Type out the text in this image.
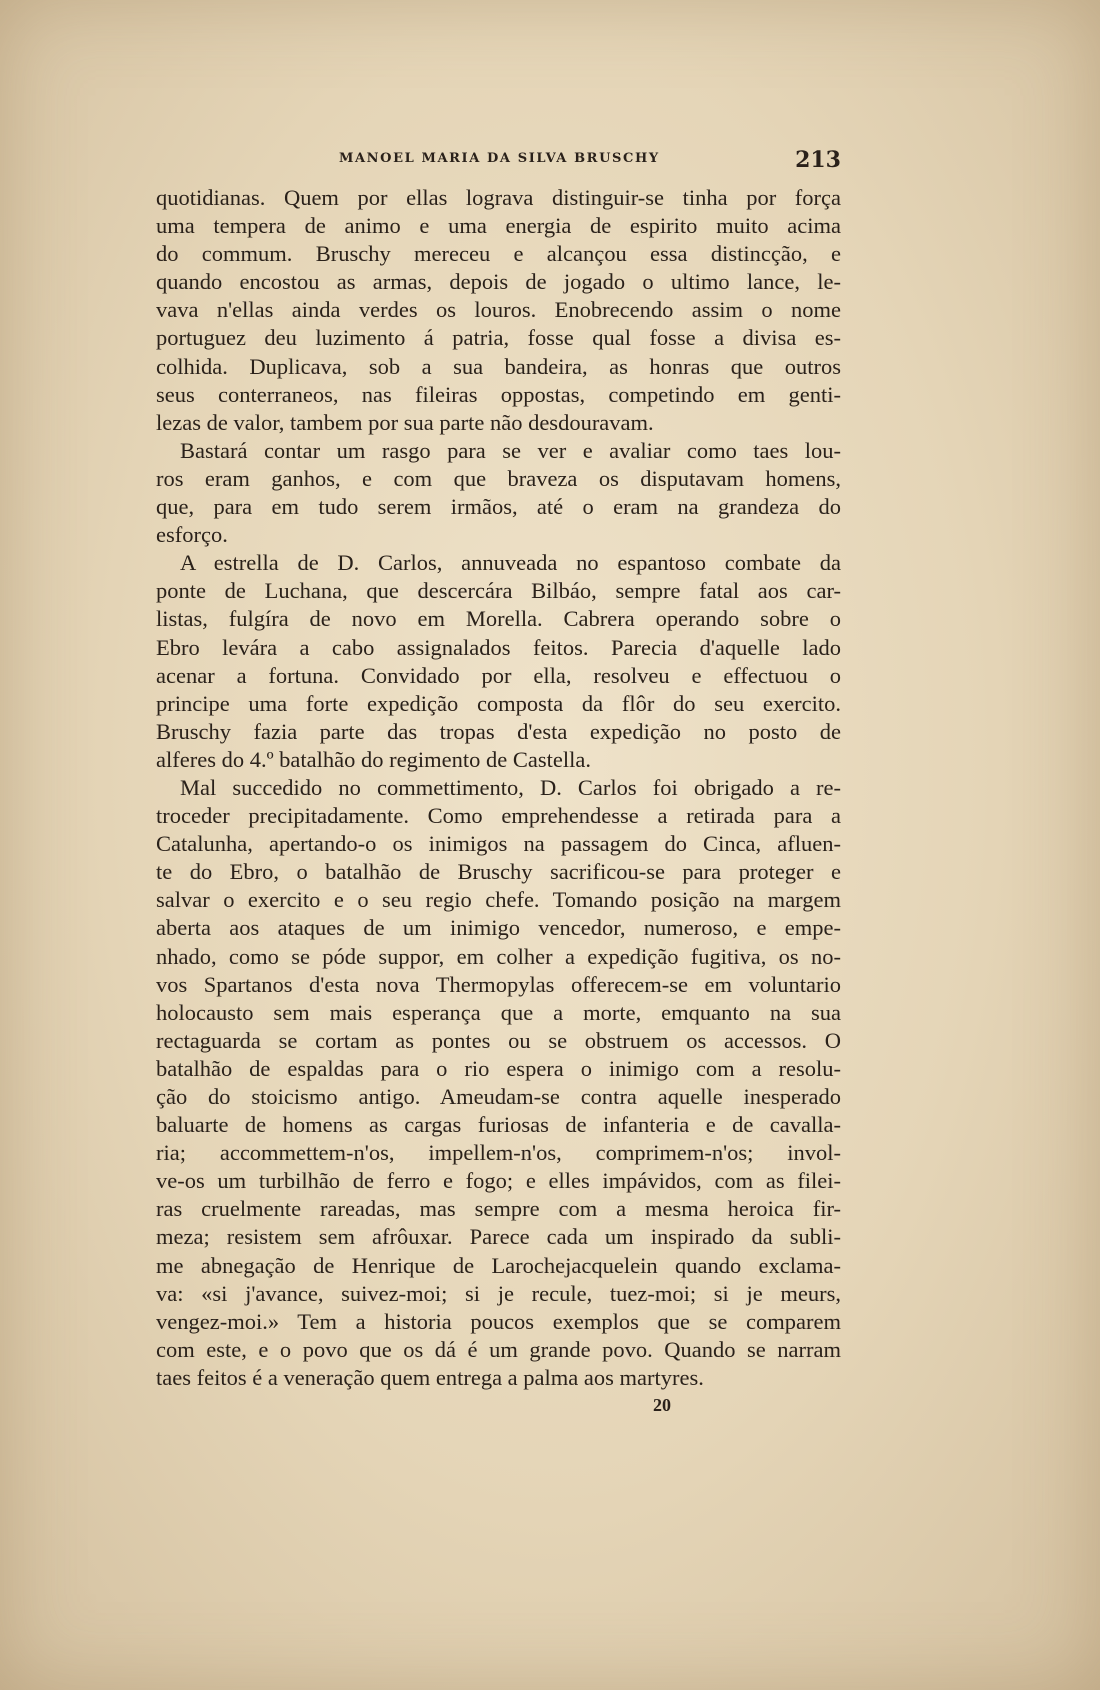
MANOEL MARIA DA SILVA BRUSCHY	213
quotidianas. Quem por ellas lograva distinguir-se tinha por força
uma tempera de animo e uma energia de espirito muito acima
do commum. Bruschy mereceu e alcançou essa distincção, e
quando encostou as armas, depois de jogado o ultimo lance, le-
vava n'ellas ainda verdes os louros. Enobrecendo assim o nome
portuguez deu luzimento á patria, fosse qual fosse a divisa es-
colhida. Duplicava, sob a sua bandeira, as honras que outros
seus conterraneos, nas fileiras oppostas, competindo em genti-
lezas de valor, tambem por sua parte não desdouravam.
Bastará contar um rasgo para se ver e avaliar como taes lou-
ros eram ganhos, e com que braveza os disputavam homens,
que, para em tudo serem irmãos, até o eram na grandeza do
esforço.
A estrella de D. Carlos, annuveada no espantoso combate da
ponte de Luchana, que descercára Bilbáo, sempre fatal aos car-
listas, fulgíra de novo em Morella. Cabrera operando sobre o
Ebro levára a cabo assignalados feitos. Parecia d'aquelle lado
acenar a fortuna. Convidado por ella, resolveu e effectuou o
principe uma forte expedição composta da flôr do seu exercito.
Bruschy fazia parte das tropas d'esta expedição no posto de
alferes do 4.º batalhão do regimento de Castella.
Mal succedido no commettimento, D. Carlos foi obrigado a re-
troceder precipitadamente. Como emprehendesse a retirada para a
Catalunha, apertando-o os inimigos na passagem do Cinca, afluen-
te do Ebro, o batalhão de Bruschy sacrificou-se para proteger e
salvar o exercito e o seu regio chefe. Tomando posição na margem
aberta aos ataques de um inimigo vencedor, numeroso, e empe-
nhado, como se póde suppor, em colher a expedição fugitiva, os no-
vos Spartanos d'esta nova Thermopylas offerecem-se em voluntario
holocausto sem mais esperança que a morte, emquanto na sua
rectaguarda se cortam as pontes ou se obstruem os accessos. O
batalhão de espaldas para o rio espera o inimigo com a resolu-
ção do stoicismo antigo. Ameudam-se contra aquelle inesperado
baluarte de homens as cargas furiosas de infanteria e de cavalla-
ria; accommettem-n'os, impellem-n'os, comprimem-n'os; invol-
ve-os um turbilhão de ferro e fogo; e elles impávidos, com as filei-
ras cruelmente rareadas, mas sempre com a mesma heroica fir-
meza; resistem sem afrôuxar. Parece cada um inspirado da subli-
me abnegação de Henrique de Larochejacquelein quando exclama-
va: «si j'avance, suivez-moi; si je recule, tuez-moi; si je meurs,
vengez-moi.» Tem a historia poucos exemplos que se comparem
com este, e o povo que os dá é um grande povo. Quando se narram
taes feitos é a veneração quem entrega a palma aos martyres.
20
